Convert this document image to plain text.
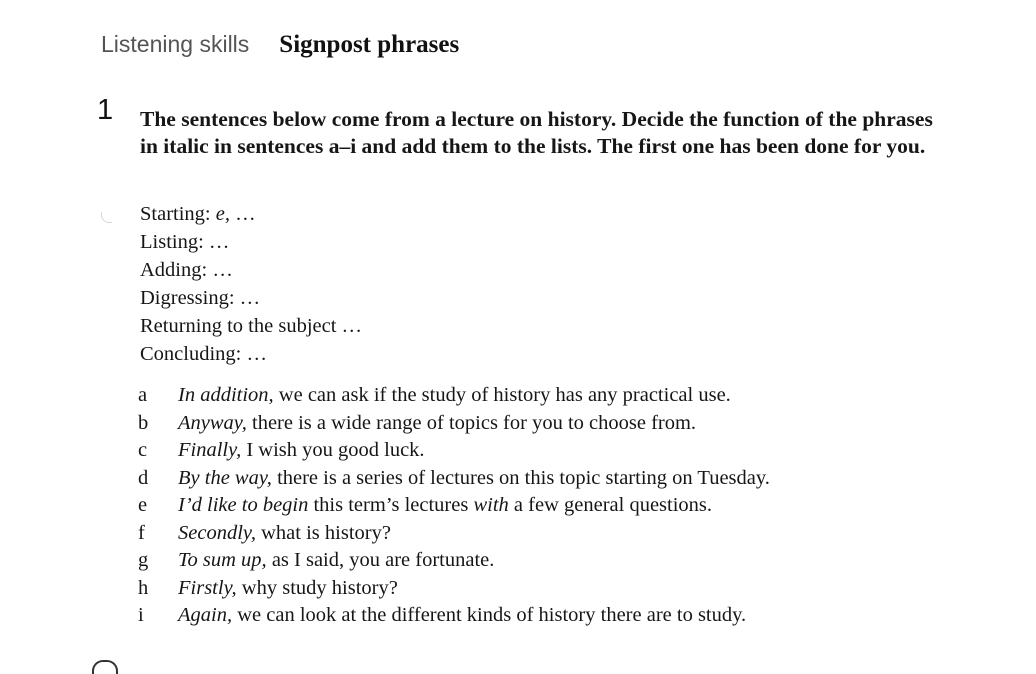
Listening skills Signpost phrases
1 The sentences below come from a lecture on history. Decide the function of the phrases in italic in sentences a–i and add them to the lists. The first one has been done for you.

Starting: e, …
Listing: …
Adding: …
Digressing: …
Returning to the subject …
Concluding: …
a	In addition, we can ask if the study of history has any practical use.
b	Anyway, there is a wide range of topics for you to choose from.
c	Finally, I wish you good luck.
d	By the way, there is a series of lectures on this topic starting on Tuesday.
e	I’d like to begin this term’s lectures with a few general questions.
f	Secondly, what is history?
g	To sum up, as I said, you are fortunate.
h	Firstly, why study history?
i	Again, we can look at the different kinds of history there are to study.
